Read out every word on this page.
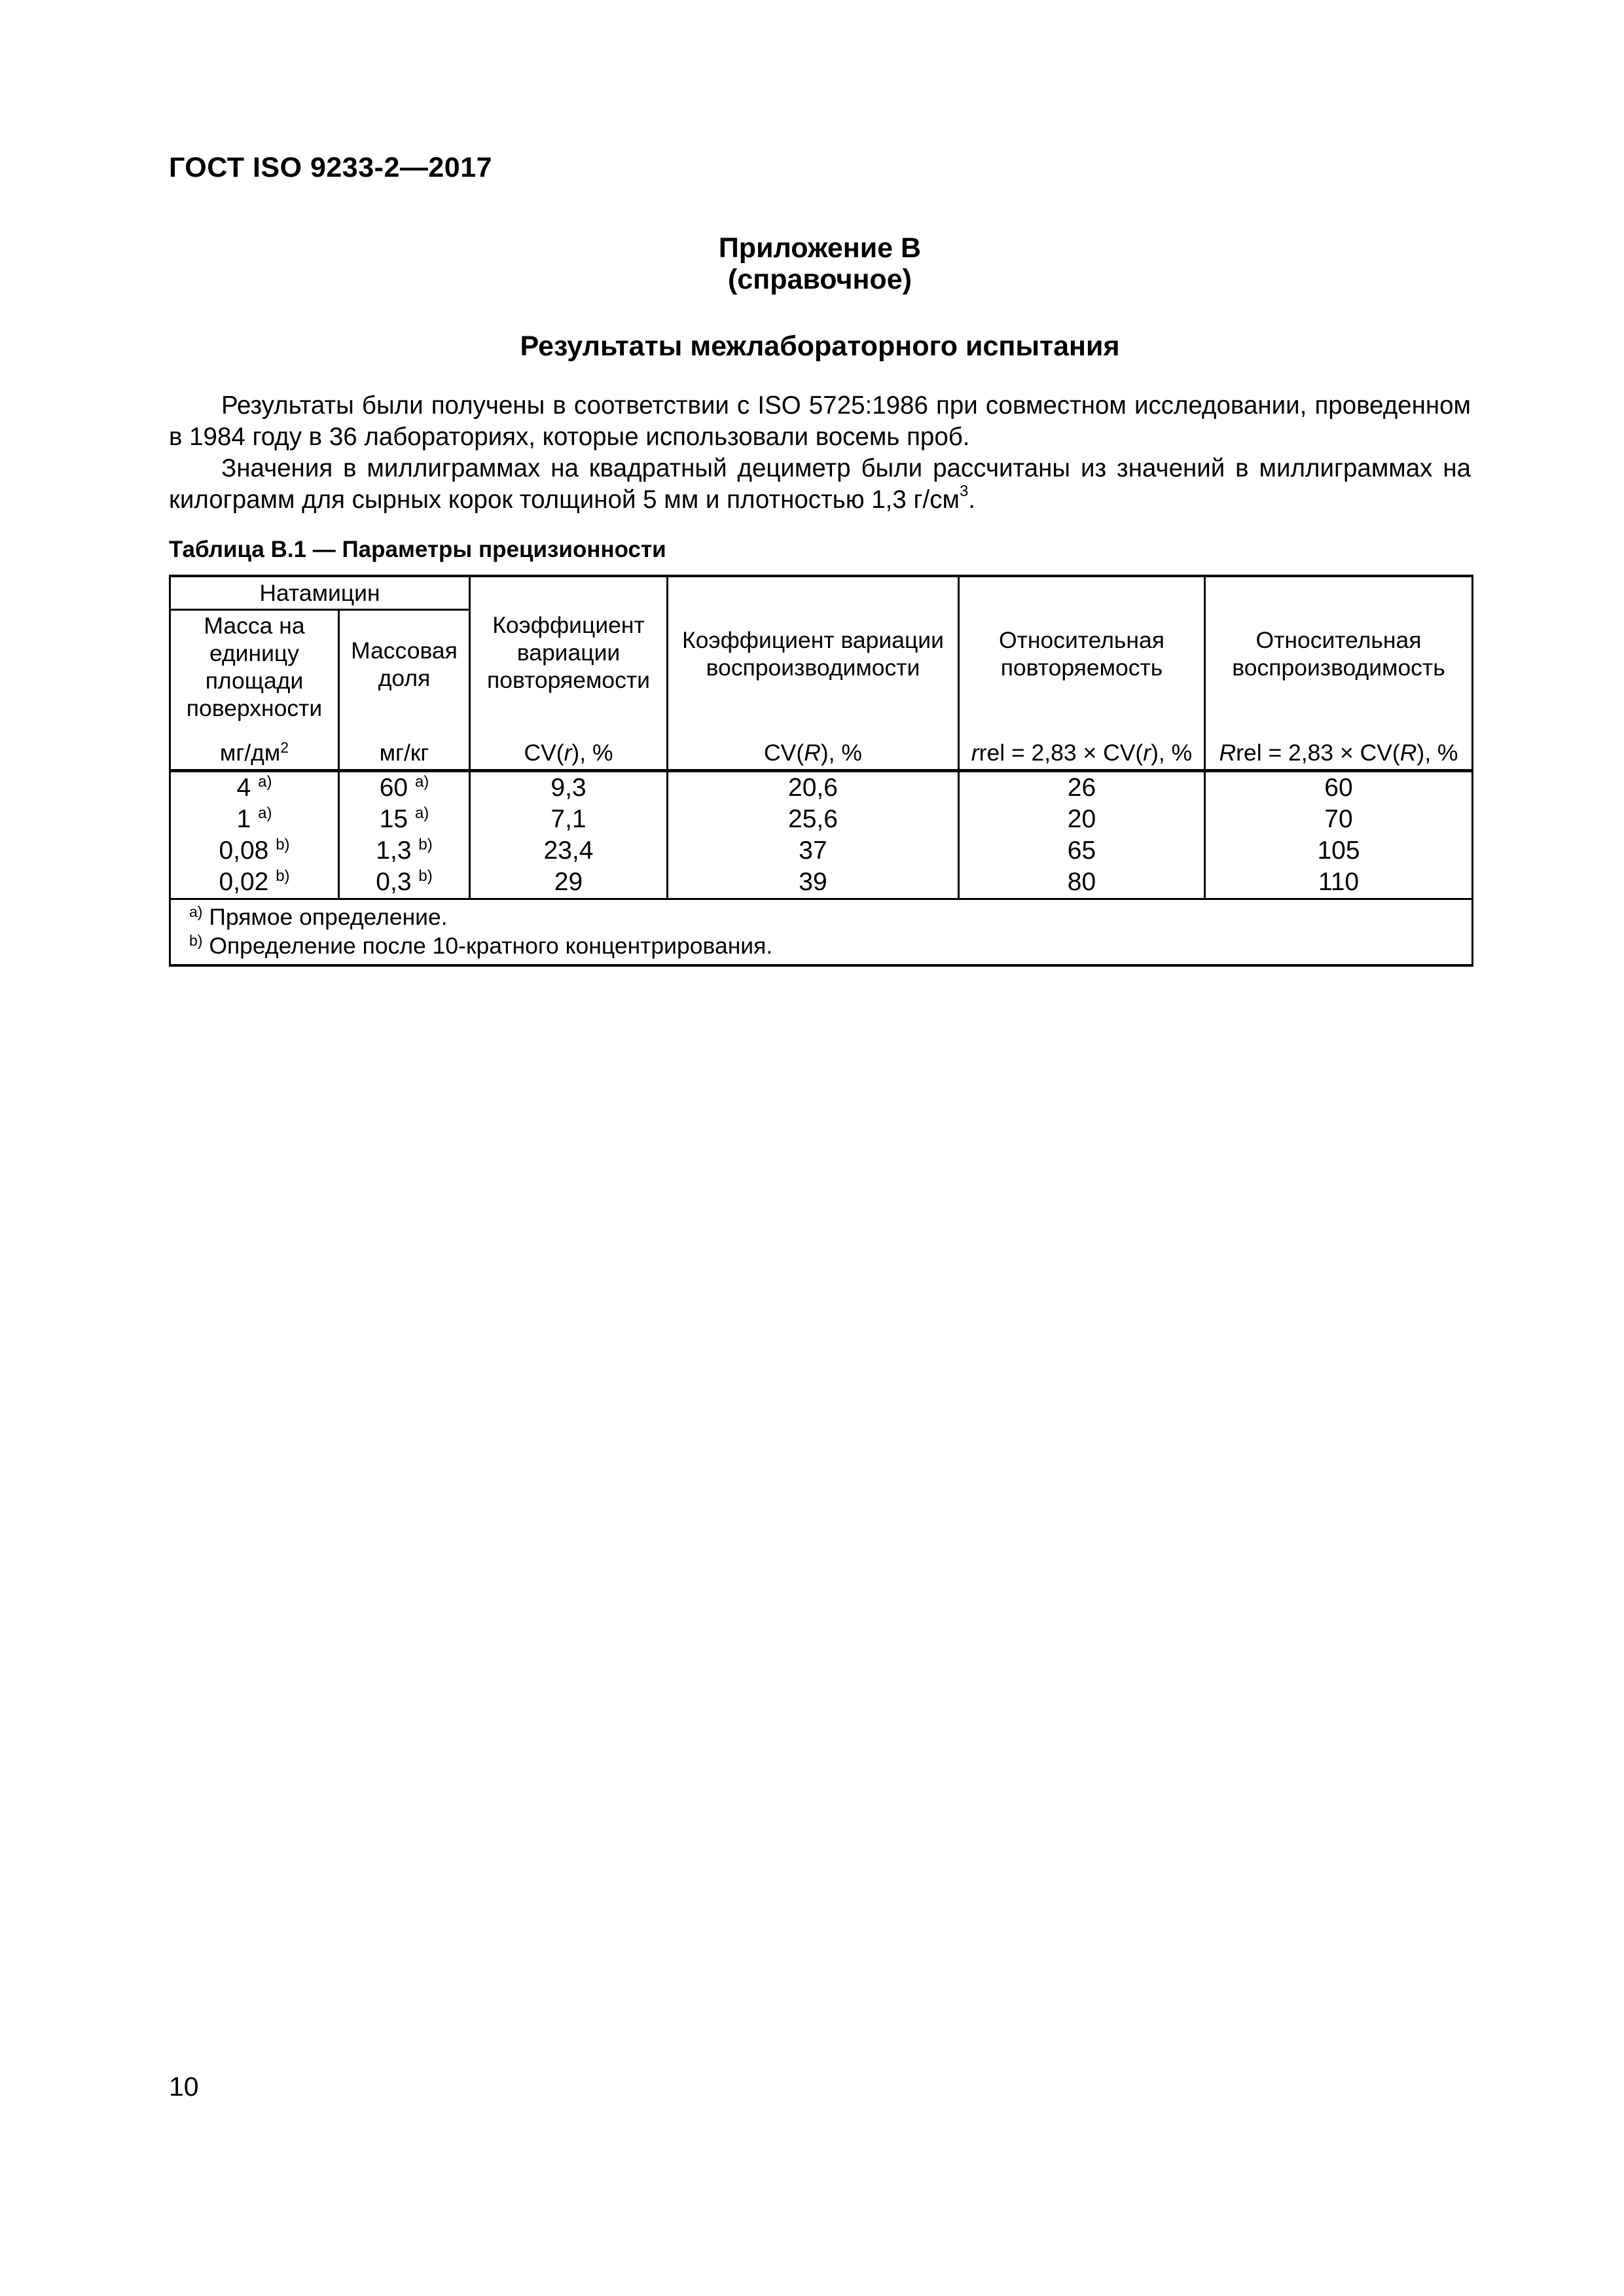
ГОСТ ISO 9233-2—2017
Приложение В
(справочное)
Результаты межлабораторного испытания

Результаты были получены в соответствии с ISO 5725:1986 при совместном исследовании, проведенном в 1984 году в 36 лабораториях, которые использовали восемь проб.

Значения в миллиграммах на квадратный дециметр были рассчитаны из значений в миллиграммах на килограмм для сырных корок толщиной 5 мм и плотностью 1,3 $г/см^3$.

Таблица В.1 — Параметры прецизионности
Натамицин		Коэффициент вариации повторяемости	Коэффициент вариации воспроизводимости	Относительная повторяемость	Относительная воспроизводимость
Масса на единицу площади поверхности	Массовая доля				
$мг/дм^2$	мг/кг	CV(r), %	CV(R), %	rrel = 2,83 × CV(r), %	Rrel = 2,83 × CV(R), %
4 $^{a)}$	60 $^{a)}$	9,3	20,6	26	60
1 $^{a)}$	15 $^{a)}$	7,1	25,6	20	70
0,08 $^{b)}$	1,3 $^{b)}$	23,4	37	65	105
0,02 $^{b)}$	0,3 $^{b)}$	29	39	80	110

$^{a)}$ Прямое определение.
$^{b)}$ Определение после 10-кратного концентрирования.					
10
